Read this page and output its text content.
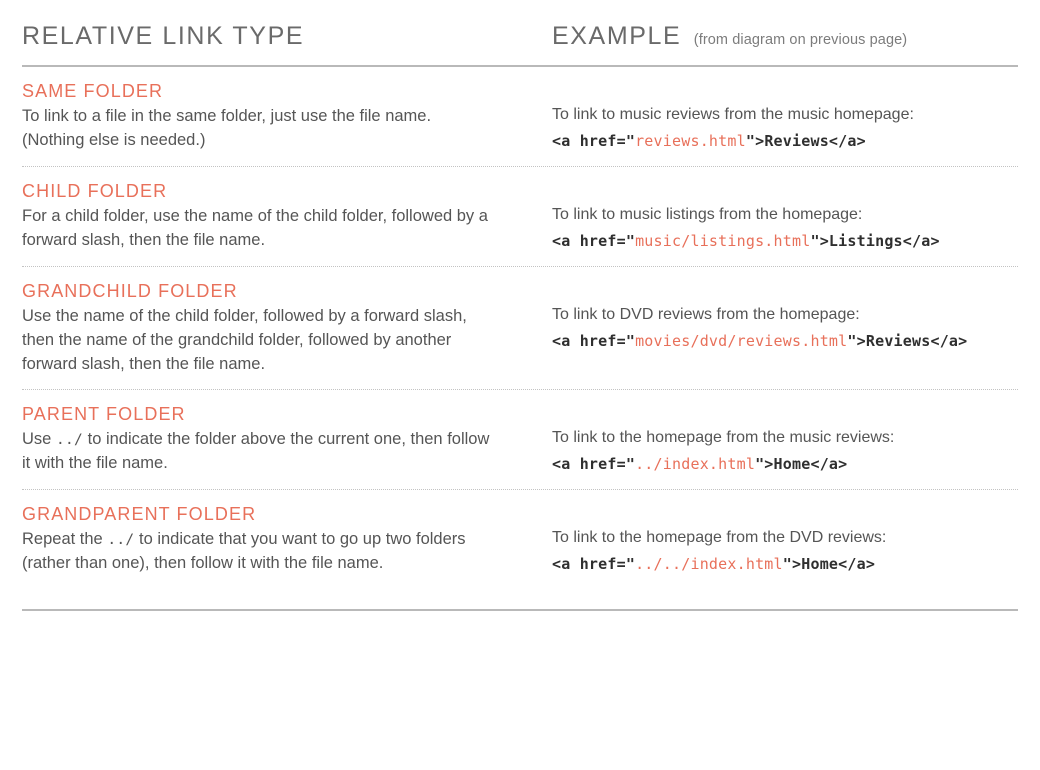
RELATIVE LINK TYPE	EXAMPLE (from diagram on previous page)
SAME FOLDER
To link to a file in the same folder, just use the file name. (Nothing else is needed.)
To link to music reviews from the music homepage:
<a href="reviews.html">Reviews</a>
CHILD FOLDER
For a child folder, use the name of the child folder, followed by a forward slash, then the file name.
To link to music listings from the homepage:
<a href="music/listings.html">Listings</a>
GRANDCHILD FOLDER
Use the name of the child folder, followed by a forward slash, then the name of the grandchild folder, followed by another forward slash, then the file name.
To link to DVD reviews from the homepage:
<a href="movies/dvd/reviews.html">Reviews</a>
PARENT FOLDER
Use ../ to indicate the folder above the current one, then follow it with the file name.
To link to the homepage from the music reviews:
<a href="../index.html">Home</a>
GRANDPARENT FOLDER
Repeat the ../ to indicate that you want to go up two folders (rather than one), then follow it with the file name.
To link to the homepage from the DVD reviews:
<a href="../../index.html">Home</a>
